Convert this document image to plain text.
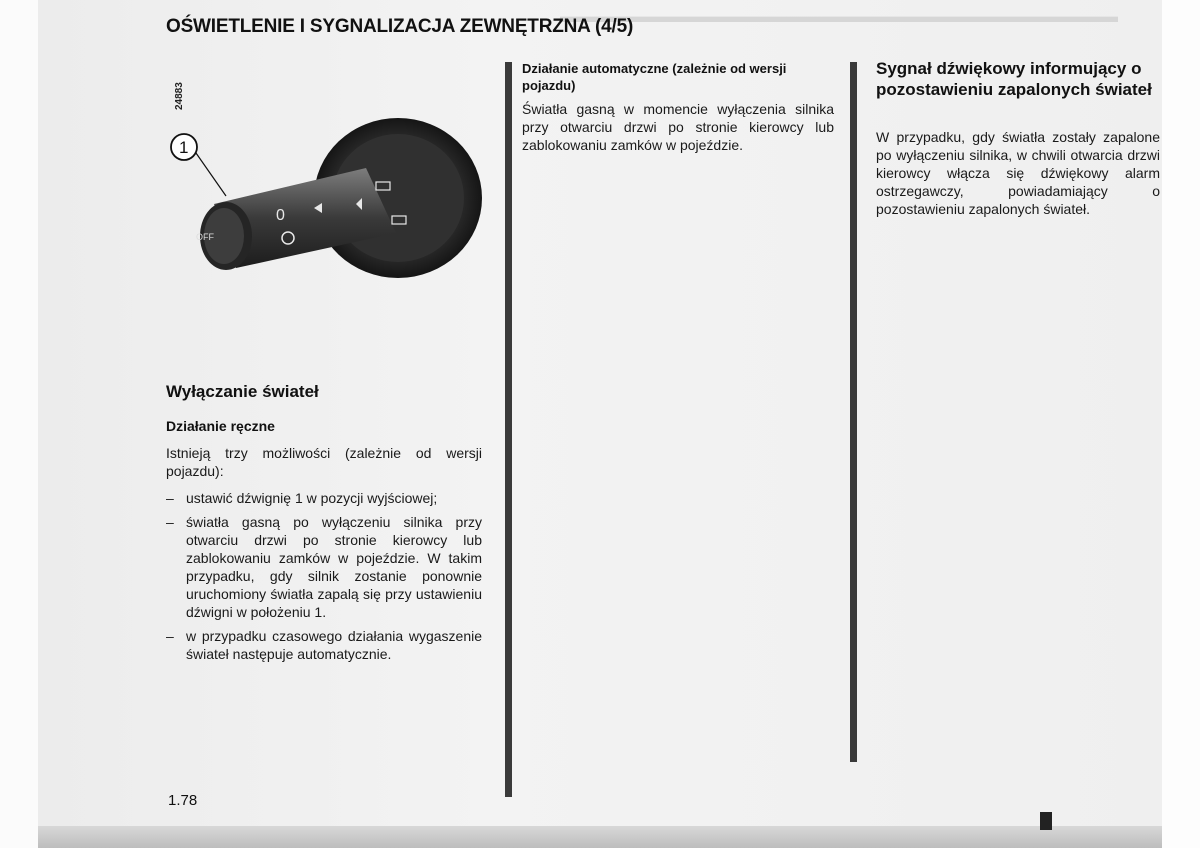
▬▬▬▬▬▬▬▬▬▬▬▬▬▬▬▬▬▬▬▬▬▬▬▬▬▬▬▬▬▬▬
OŚWIETLENIE I SYGNALIZACJA ZEWNĘTRZNA (4/5)
24883
0
OFF
1
Wyłączanie świateł
Działanie ręczne
Istnieją trzy możliwości (zależnie od wersji pojazdu):
– ustawić dźwignię 1 w pozycji wyjściowej;
– światła gasną po wyłączeniu silnika przy otwarciu drzwi po stronie kierowcy lub zablokowaniu zamków w pojeździe. W takim przypadku, gdy silnik zostanie ponownie uruchomiony światła zapalą się przy ustawieniu dźwigni w położeniu 1.
– w przypadku czasowego działania wygaszenie świateł następuje automatycznie.
Działanie automatyczne (zależnie od wersji pojazdu)
Światła gasną w momencie wyłączenia silnika przy otwarciu drzwi po stronie kierowcy lub zablokowaniu zamków w pojeździe.
Sygnał dźwiękowy informujący o pozostawieniu zapalonych świateł
W przypadku, gdy światła zostały zapalone po wyłączeniu silnika, w chwili otwarcia drzwi kierowcy włącza się dźwiękowy alarm ostrzegawczy, powiadamiający o pozostawieniu zapalonych świateł.
1.78
